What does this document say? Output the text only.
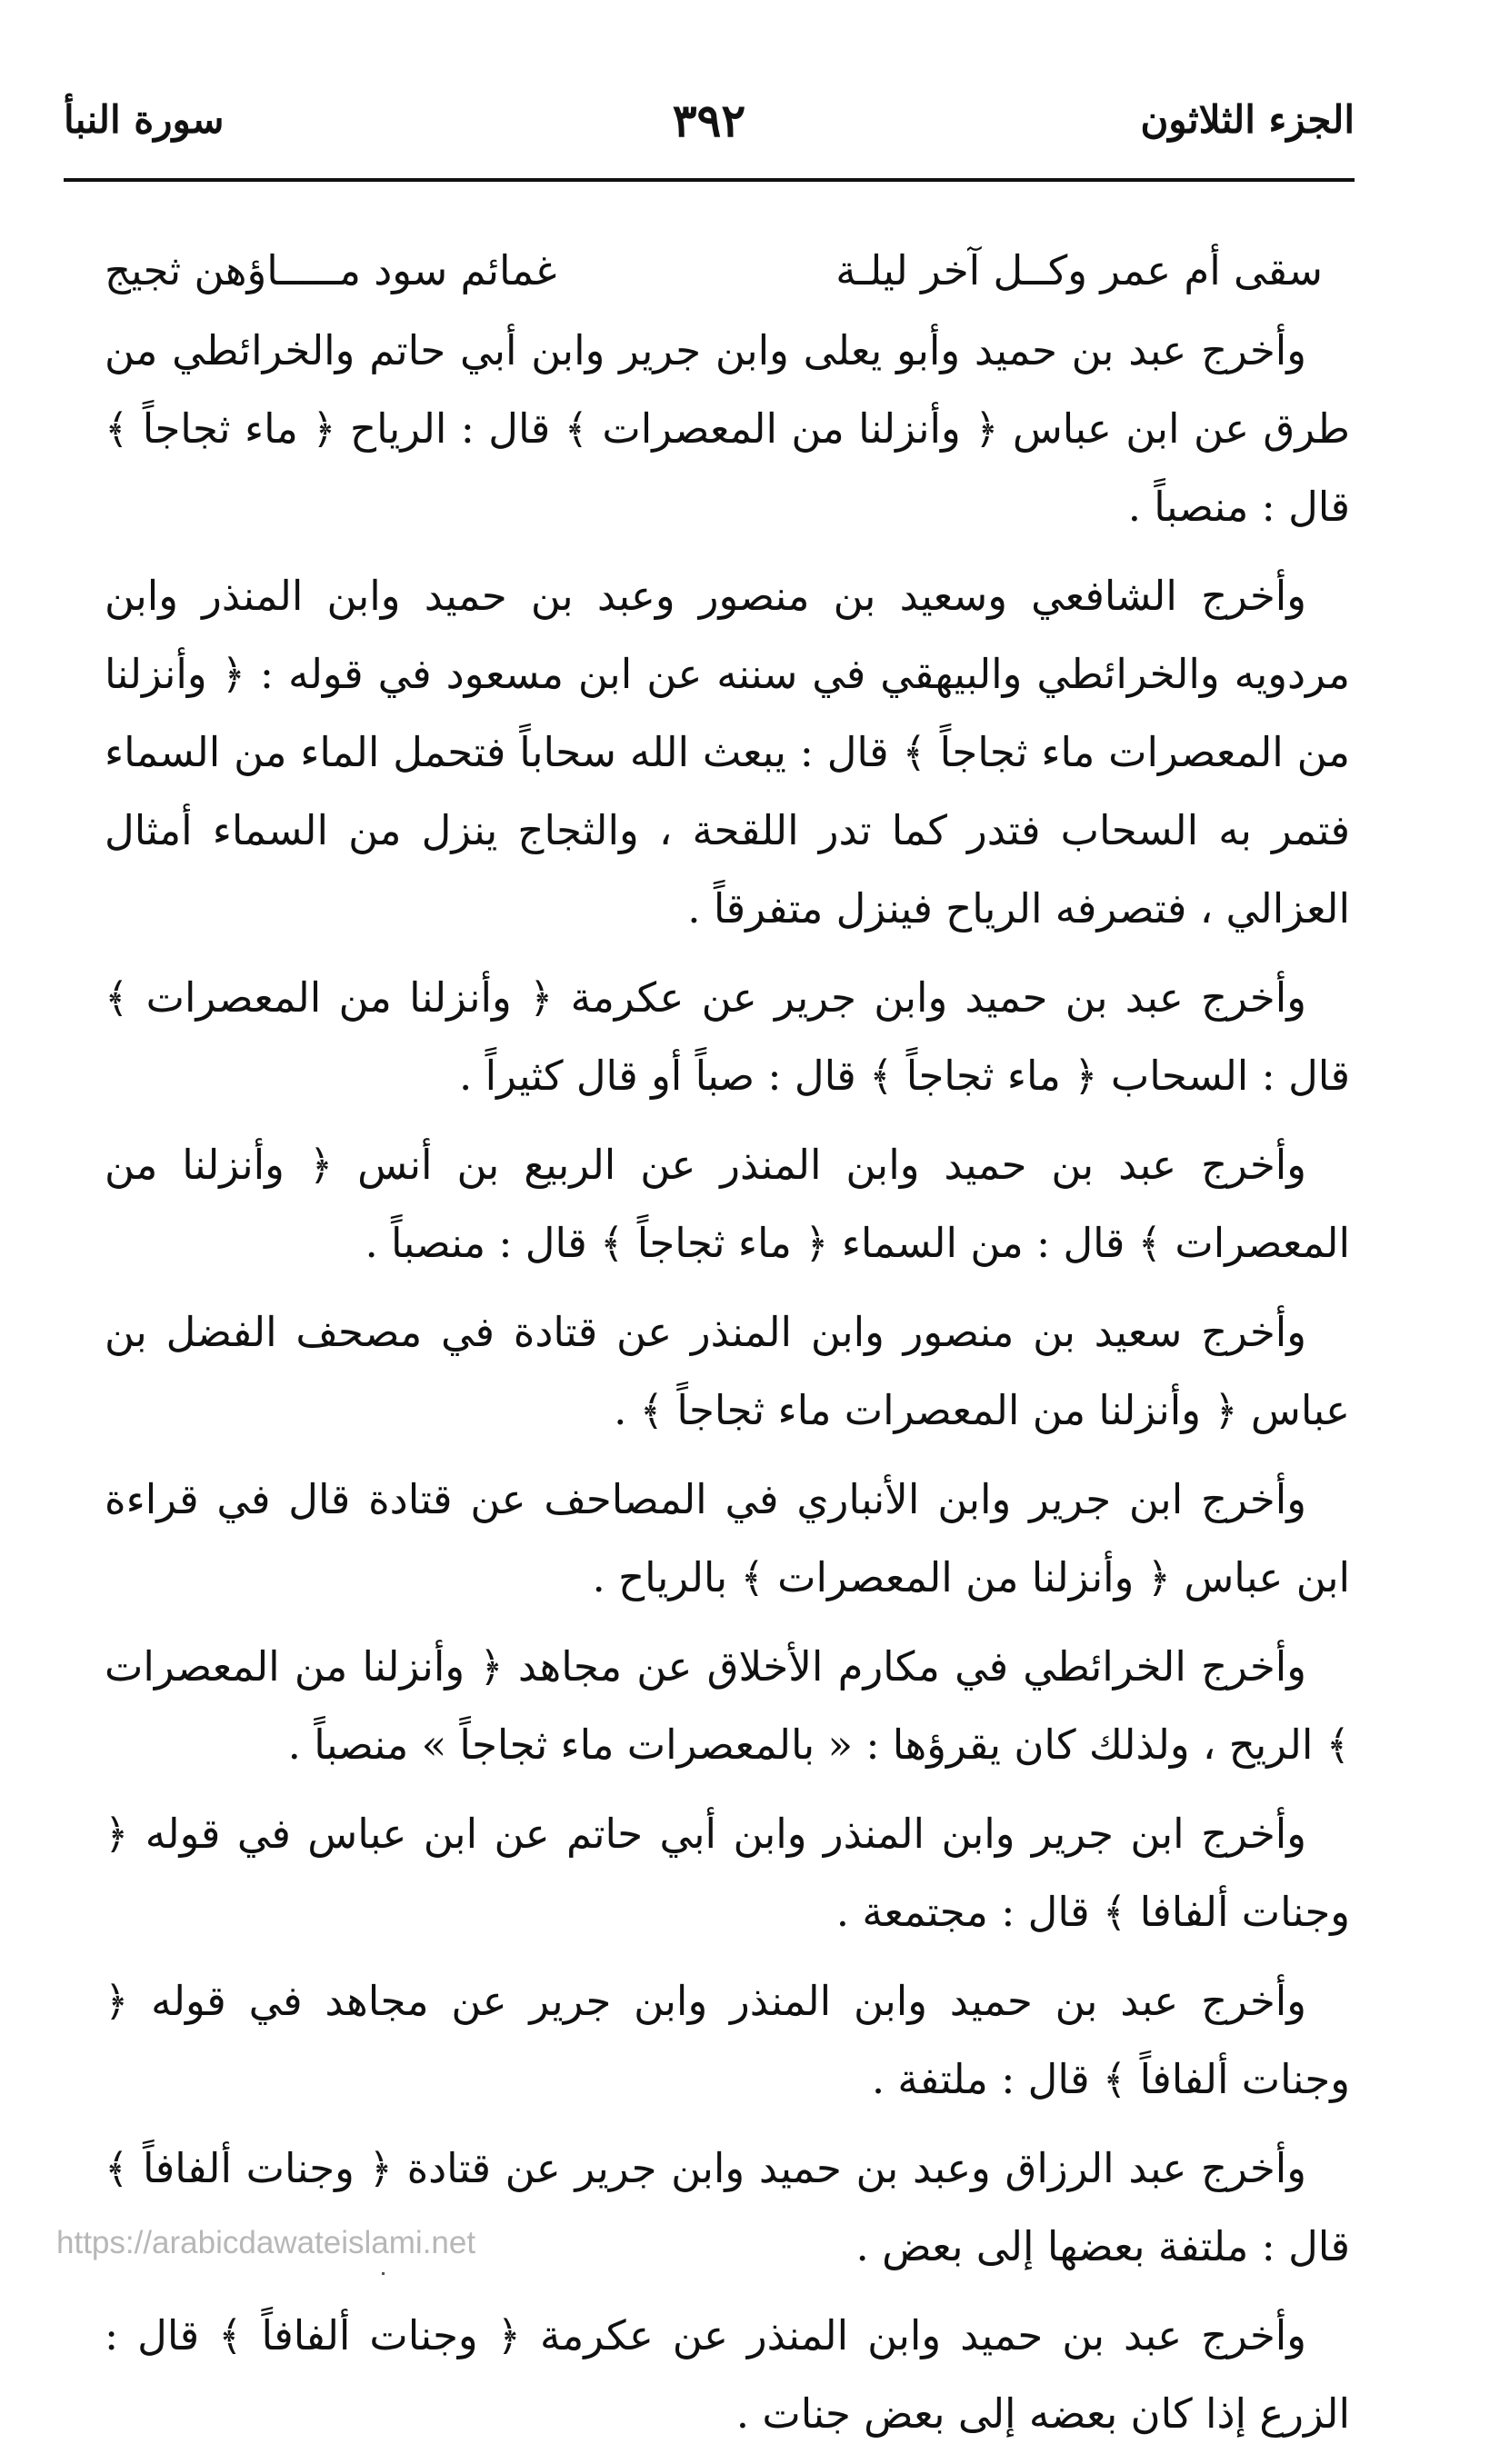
الجزء الثلاثون
٣٩٢
سورة النبأ
سقى أم عمر وكــل آخر ليلـة
غمائم سود مـــــاؤهن ثجيج

وأخرج عبد بن حميد وأبو يعلى وابن جرير وابن أبي حاتم والخرائطي من طرق عن ابن عباس ﴿ وأنزلنا من المعصرات ﴾ قال : الرياح ﴿ ماء ثجاجاً ﴾ قال : منصباً .

وأخرج الشافعي وسعيد بن منصور وعبد بن حميد وابن المنذر وابن مردويه والخرائطي والبيهقي في سننه عن ابن مسعود في قوله : ﴿ وأنزلنا من المعصرات ماء ثجاجاً ﴾ قال : يبعث الله سحاباً فتحمل الماء من السماء فتمر به السحاب فتدر كما تدر اللقحة ، والثجاج ينزل من السماء أمثال العزالي ، فتصرفه الرياح فينزل متفرقاً .

وأخرج عبد بن حميد وابن جرير عن عكرمة ﴿ وأنزلنا من المعصرات ﴾ قال : السحاب ﴿ ماء ثجاجاً ﴾ قال : صباً أو قال كثيراً .

وأخرج عبد بن حميد وابن المنذر عن الربيع بن أنس ﴿ وأنزلنا من المعصرات ﴾ قال : من السماء ﴿ ماء ثجاجاً ﴾ قال : منصباً .

وأخرج سعيد بن منصور وابن المنذر عن قتادة في مصحف الفضل بن عباس ﴿ وأنزلنا من المعصرات ماء ثجاجاً ﴾ .

وأخرج ابن جرير وابن الأنباري في المصاحف عن قتادة قال في قراءة ابن عباس ﴿ وأنزلنا من المعصرات ﴾ بالرياح .

وأخرج الخرائطي في مكارم الأخلاق عن مجاهد ﴿ وأنزلنا من المعصرات ﴾ الريح ، ولذلك كان يقرؤها : « بالمعصرات ماء ثجاجاً » منصباً .

وأخرج ابن جرير وابن المنذر وابن أبي حاتم عن ابن عباس في قوله ﴿ وجنات ألفافا ﴾ قال : مجتمعة .

وأخرج عبد بن حميد وابن المنذر وابن جرير عن مجاهد في قوله ﴿ وجنات ألفافاً ﴾ قال : ملتفة .

وأخرج عبد الرزاق وعبد بن حميد وابن جرير عن قتادة ﴿ وجنات ألفافاً ﴾ قال : ملتفة بعضها إلى بعض .

وأخرج عبد بن حميد وابن المنذر عن عكرمة ﴿ وجنات ألفافاً ﴾ قال : الزرع إذا كان بعضه إلى بعض جنات .

https://arabicdawateislami.net
